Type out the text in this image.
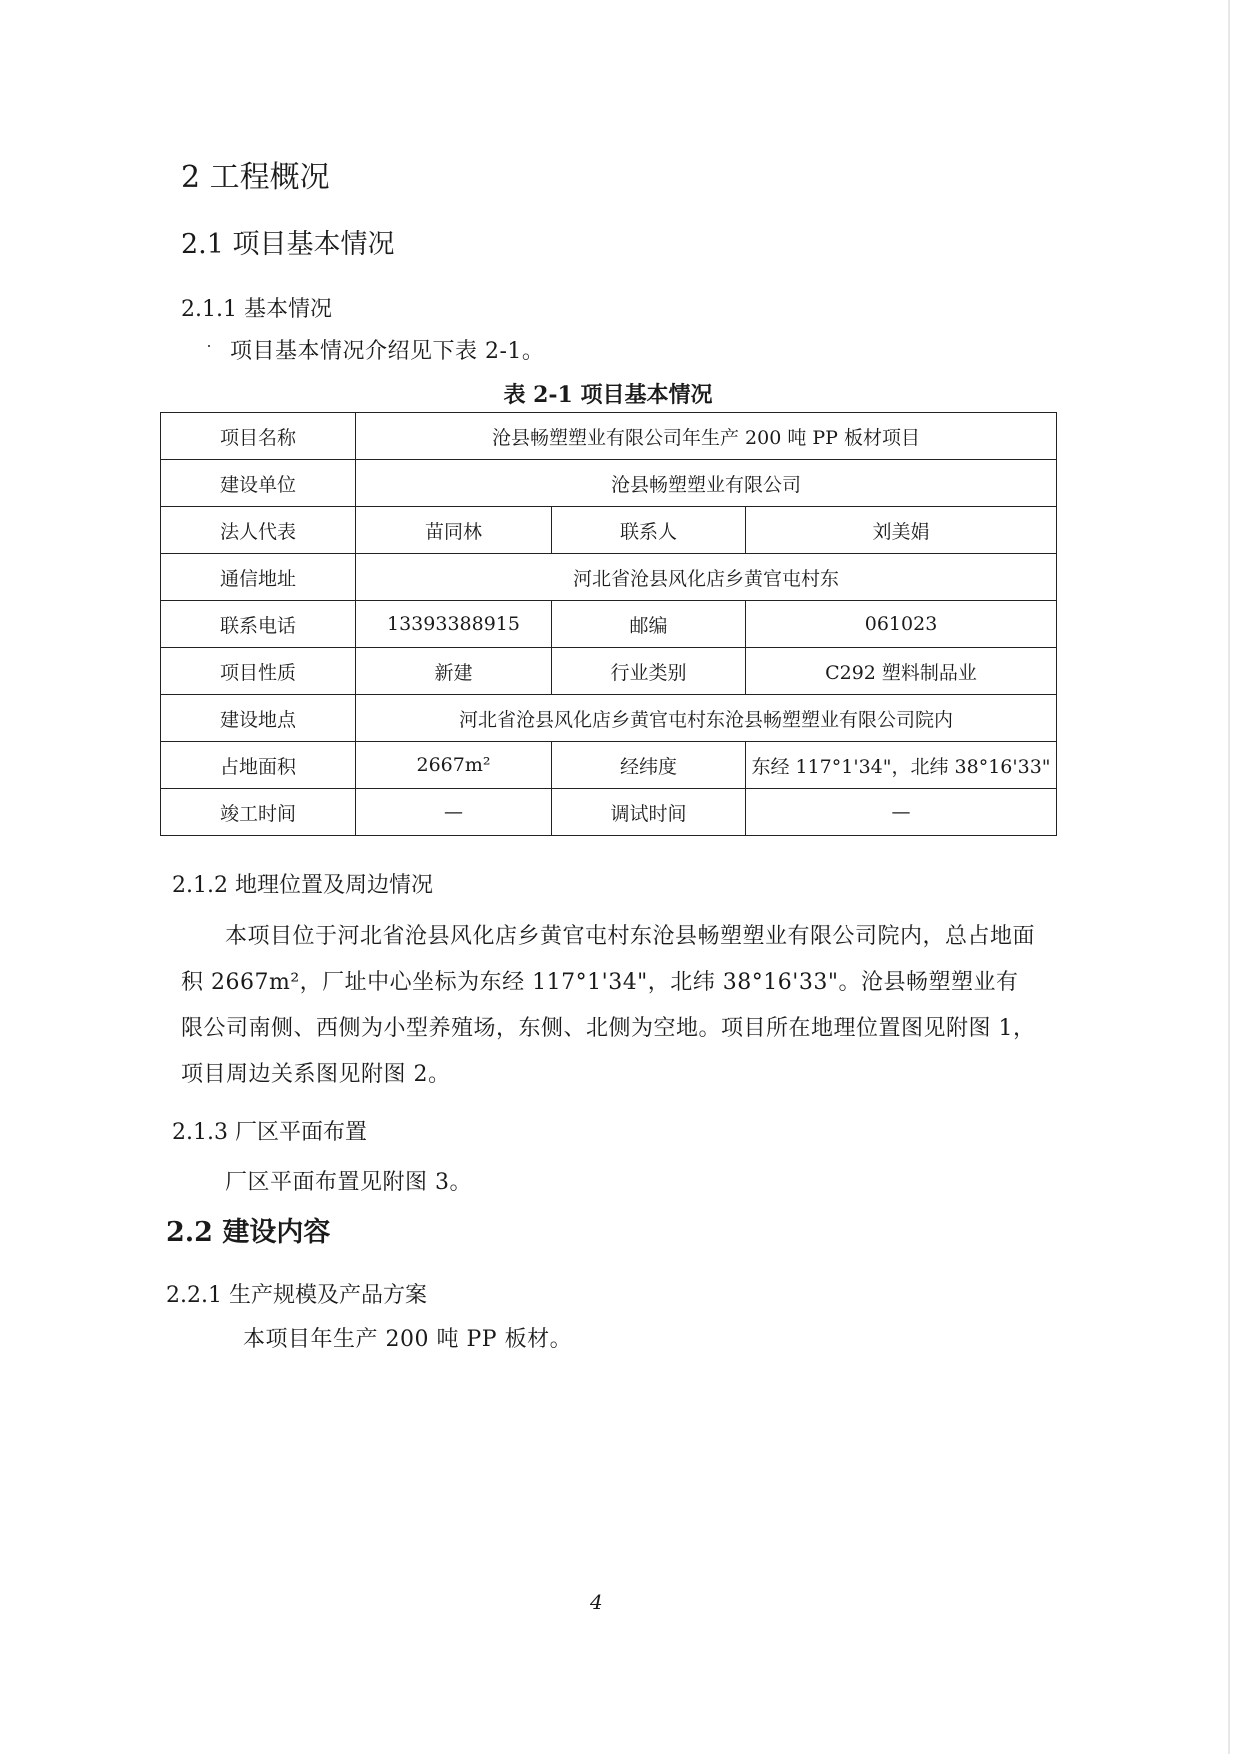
2 工程概况
2.1 项目基本情况
2.1.1 基本情况
项目基本情况介绍见下表 2-1。
表 2-1 项目基本情况
项目名称	沧县畅塑塑业有限公司年生产 200 吨 PP 板材项目		
建设单位	沧县畅塑塑业有限公司		
法人代表	苗同林	联系人	刘美娟
通信地址	河北省沧县风化店乡黄官屯村东		
联系电话	13393388915	邮编	061023
项目性质	新建	行业类别	C292 塑料制品业
建设地点	河北省沧县风化店乡黄官屯村东沧县畅塑塑业有限公司院内		
占地面积	2667m²	经纬度	东经 117°1'34"，北纬 38°16'33"
竣工时间	—	调试时间	—
2.1.2 地理位置及周边情况
本项目位于河北省沧县风化店乡黄官屯村东沧县畅塑塑业有限公司院内，总占地面积 2667m²，厂址中心坐标为东经 117°1'34"，北纬 38°16'33"。沧县畅塑塑业有限公司南侧、西侧为小型养殖场，东侧、北侧为空地。项目所在地理位置图见附图 1，项目周边关系图见附图 2。
2.1.3 厂区平面布置
厂区平面布置见附图 3。
2.2 建设内容
2.2.1 生产规模及产品方案
本项目年生产 200 吨 PP 板材。
4
